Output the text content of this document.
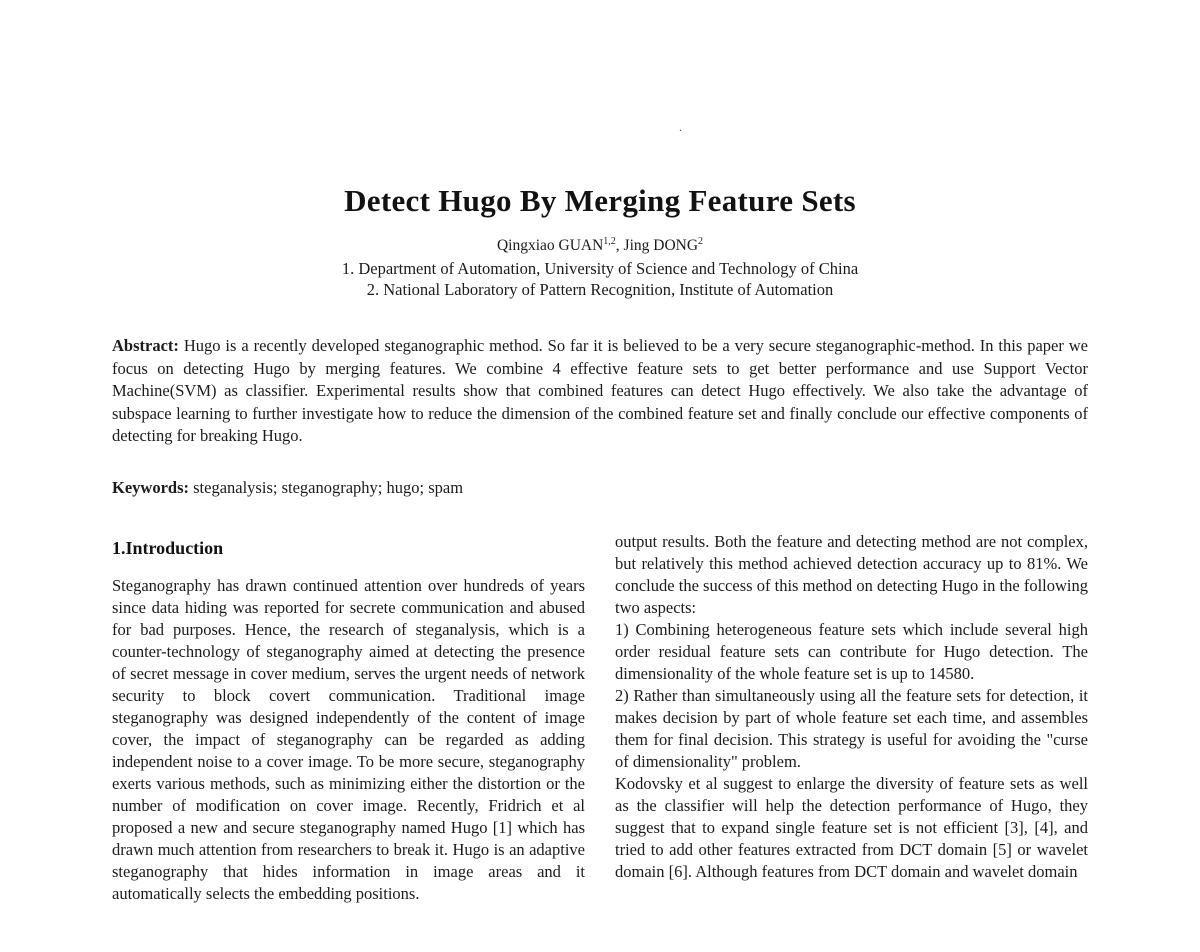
.
Detect Hugo By Merging Feature Sets
Qingxiao GUAN$^{1,2}$, Jing DONG$^2$
1. Department of Automation, University of Science and Technology of China
2. National Laboratory of Pattern Recognition, Institute of Automation
Abstract: Hugo is a recently developed steganographic method. So far it is believed to be a very secure steganographic-method. In this paper we focus on detecting Hugo by merging features. We combine 4 effective feature sets to get better performance and use Support Vector Machine(SVM) as classifier. Experimental results show that combined features can detect Hugo effectively. We also take the advantage of subspace learning to further investigate how to reduce the dimension of the combined feature set and finally conclude our effective components of detecting for breaking Hugo.
Keywords: steganalysis; steganography; hugo; spam
1.Introduction

Steganography has drawn continued attention over hundreds of years since data hiding was reported for secrete communication and abused for bad purposes. Hence, the research of steganalysis, which is a counter-technology of steganography aimed at detecting the presence of secret message in cover medium, serves the urgent needs of network security to block covert communication. Traditional image steganography was designed independently of the content of image cover, the impact of steganography can be regarded as adding independent noise to a cover image. To be more secure, steganography exerts various methods, such as minimizing either the distortion or the number of modification on cover image. Recently, Fridrich et al proposed a new and secure steganography named Hugo [1] which has drawn much attention from researchers to break it. Hugo is an adaptive steganography that hides information in image areas and it automatically selects the embedding positions.

output results. Both the feature and detecting method are not complex, but relatively this method achieved detection accuracy up to 81%. We conclude the success of this method on detecting Hugo in the following two aspects:

1) Combining heterogeneous feature sets which include several high order residual feature sets can contribute for Hugo detection. The dimensionality of the whole feature set is up to 14580.

2) Rather than simultaneously using all the feature sets for detection, it makes decision by part of whole feature set each time, and assembles them for final decision. This strategy is useful for avoiding the "curse of dimensionality" problem.

Kodovsky et al suggest to enlarge the diversity of feature sets as well as the classifier will help the detection performance of Hugo, they suggest that to expand single feature set is not efficient [3], [4], and tried to add other features extracted from DCT domain [5] or wavelet domain [6]. Although features from DCT domain and wavelet domain
